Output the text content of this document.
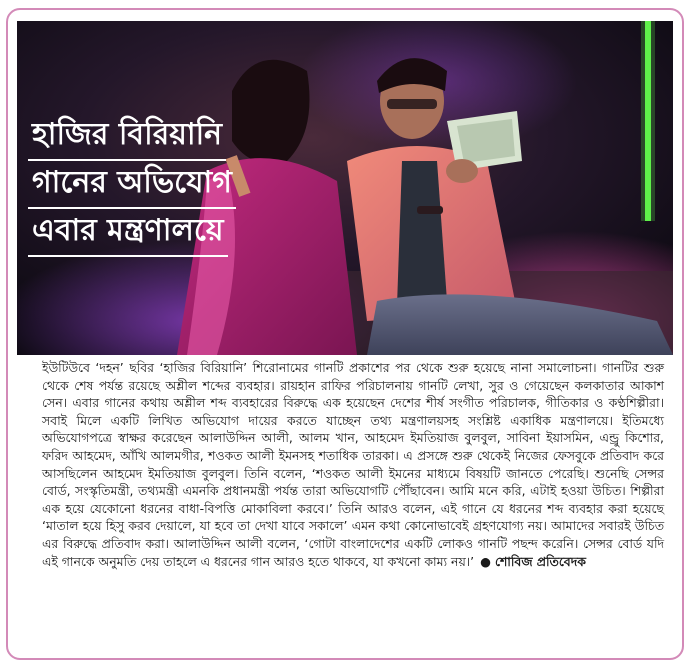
হাজির বিরিয়ানি
গানের অভিযোগ
এবার মন্ত্রণালয়ে
ইউটিউবে ‘দহন’ ছবির ‘হাজির বিরিয়ানি’ শিরোনামের গানটি প্রকাশের পর থেকে শুরু হয়েছে নানা সমালোচনা। গানটির শুরু থেকে শেষ পর্যন্ত রয়েছে অশ্লীল শব্দের ব্যবহার। রায়হান রাফির পরিচালনায় গানটি লেখা, সুর ও গেয়েছেন কলকাতার আকাশ সেন। এবার গানের কথায় অশ্লীল শব্দ ব্যবহারের বিরুদ্ধে এক হয়েছেন দেশের শীর্ষ সংগীত পরিচালক, গীতিকার ও কণ্ঠশিল্পীরা। সবাই মিলে একটি লিখিত অভিযোগ দায়ের করতে যাচ্ছেন তথ্য মন্ত্রণালয়সহ সংশ্লিষ্ট একাধিক মন্ত্রণালয়ে। ইতিমধ্যে অভিযোগপত্রে স্বাক্ষর করেছেন আলাউদ্দিন আলী, আলম খান, আহমেদ ইমতিয়াজ বুলবুল, সাবিনা ইয়াসমিন, এন্ড্রু কিশোর, ফরিদ আহমেদ, আঁখি আলমগীর, শওকত আলী ইমনসহ শতাধিক তারকা। এ প্রসঙ্গে শুরু থেকেই নিজের ফেসবুকে প্রতিবাদ করে আসছিলেন আহমেদ ইমতিয়াজ বুলবুল। তিনি বলেন, ‘শওকত আলী ইমনের মাধ্যমে বিষয়টি জানতে পেরেছি। শুনেছি সেন্সর বোর্ড, সংস্কৃতিমন্ত্রী, তথ্যমন্ত্রী এমনকি প্রধানমন্ত্রী পর্যন্ত তারা অভিযোগটি পৌঁছাবেন। আমি মনে করি, এটাই হওয়া উচিত। শিল্পীরা এক হয়ে যেকোনো ধরনের বাধা-বিপত্তি মোকাবিলা করবে।’ তিনি আরও বলেন, এই গানে যে ধরনের শব্দ ব্যবহার করা হয়েছে ‘মাতাল হয়ে হিসু করব দেয়ালে, যা হবে তা দেখা যাবে সকালে’ এমন কথা কোনোভাবেই গ্রহণযোগ্য নয়। আমাদের সবারই উচিত এর বিরুদ্ধে প্রতিবাদ করা। আলাউদ্দিন আলী বলেন, ‘গোটা বাংলাদেশের একটি লোকও গানটি পছন্দ করেনি। সেন্সর বোর্ড যদি এই গানকে অনুমতি দেয় তাহলে এ ধরনের গান আরও হতে থাকবে, যা কখনো কাম্য নয়।’ ● শোবিজ প্রতিবেদক
